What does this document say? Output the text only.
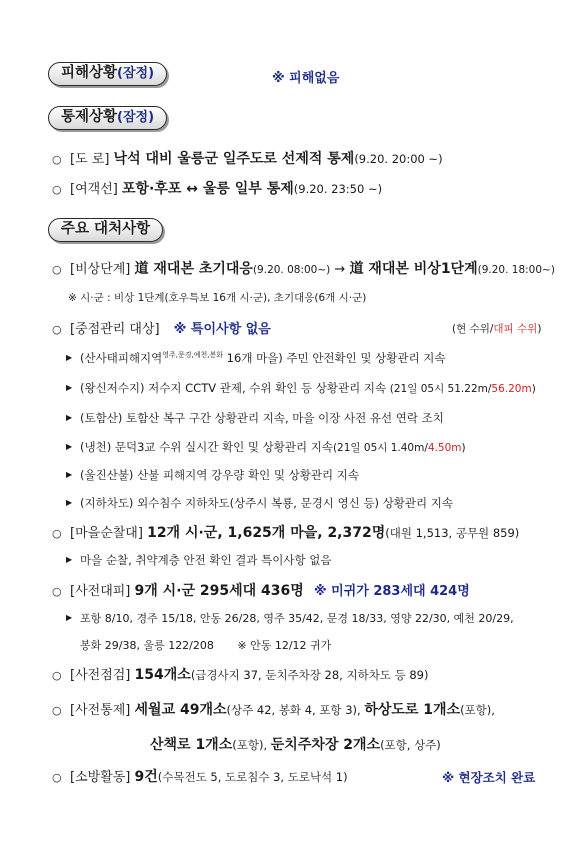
피해상황(잠정)	※ 피해없음
통제상황(잠정)
○ [도 로] 낙석 대비 울릉군 일주도로 선제적 통제(9.20. 20:00 ~)
○ [여객선] 포항·후포 ↔ 울릉 일부 통제(9.20. 23:50 ~)
주요 대처사항
○ [비상단계] 道 재대본 초기대응(9.20. 08:00~) → 道 재대본 비상1단계(9.20. 18:00~)
※ 시·군 : 비상 1단계(호우특보 16개 시·군), 초기대응(6개 시·군)
○ [중점관리 대상] ※ 특이사항 없음	(현 수위/대피 수위)
▶ (산사태피해지역$^{영주,문경,예천,봉화}$ 16개 마을) 주민 안전확인 및 상황관리 지속
▶ (왕신저수지) 저수지 CCTV 관제, 수위 확인 등 상황관리 지속 (21일 05시 51.22m/56.20m)
▶ (토함산) 토함산 복구 구간 상황관리 지속, 마을 이장 사전 유선 연락 조치
▶ (냉천) 문덕3교 수위 실시간 확인 및 상황관리 지속(21일 05시 1.40m/4.50m)
▶ (울진산불) 산불 피해지역 강우량 확인 및 상황관리 지속
▶ (지하차도) 외수침수 지하차도(상주시 복룡, 문경시 영신 등) 상황관리 지속
○ [마을순찰대] 12개 시·군, 1,625개 마을, 2,372명(대원 1,513, 공무원 859)
▶ 마을 순찰, 취약계층 안전 확인 결과 특이사항 없음
○ [사전대피] 9개 시·군 295세대 436명 ※ 미귀가 283세대 424명
▶ 포항 8/10, 경주 15/18, 안동 26/28, 영주 35/42, 문경 18/33, 영양 22/30, 예천 20/29,
봉화 29/38, 울릉 122/208 ※ 안동 12/12 귀가
○ [사전점검] 154개소(급경사지 37, 둔치주차장 28, 지하차도 등 89)
○ [사전통제] 세월교 49개소(상주 42, 봉화 4, 포항 3), 하상도로 1개소(포항),
산책로 1개소(포항), 둔치주차장 2개소(포항, 상주)
○ [소방활동] 9건(수목전도 5, 도로침수 3, 도로낙석 1)	※ 현장조치 완료
